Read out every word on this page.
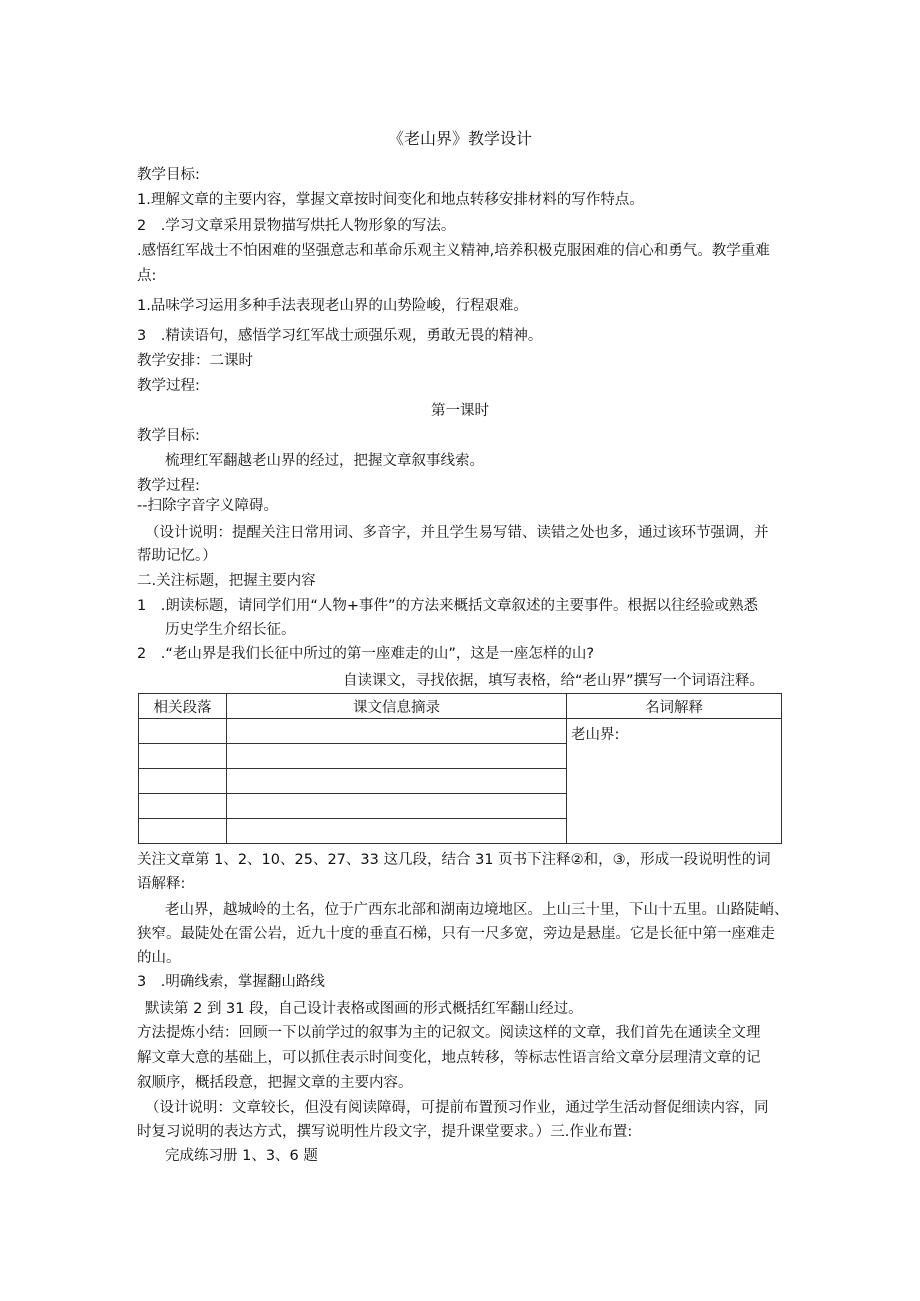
《老山界》教学设计
教学目标:
1.理解文章的主要内容，掌握文章按时间变化和地点转移安排材料的写作特点。
2　.学习文章采用景物描写烘托人物形象的写法。
.感悟红军战士不怕困难的坚强意志和革命乐观主义精神,培养积极克服困难的信心和勇气。教学重难
点:
1.品味学习运用多种手法表现老山界的山势险峻，行程艰难。
3　.精读语句，感悟学习红军战士顽强乐观，勇敢无畏的精神。
教学安排：二课时
教学过程:
第一课时
教学目标:
梳理红军翻越老山界的经过，把握文章叙事线索。
教学过程:
--扫除字音字义障碍。
（设计说明：提醒关注日常用词、多音字，并且学生易写错、读错之处也多，通过该环节强调，并
帮助记忆。）
二.关注标题，把握主要内容
1　.朗读标题，请同学们用“人物+事件”的方法来概括文章叙述的主要事件。根据以往经验或熟悉
历史学生介绍长征。
2　.“老山界是我们长征中所过的第一座难走的山”，这是一座怎样的山?
自读课文，寻找依据，填写表格，给“老山界”撰写一个词语注释。
相关段落	课文信息摘录	名词解释
		老山界:

关注文章第 1、2、10、25、27、33 这几段，结合 31 页书下注释②和，③，形成一段说明性的词
语解释:
老山界，越城岭的土名，位于广西东北部和湖南边境地区。上山三十里，下山十五里。山路陡峭、
狭窄。最陡处在雷公岩，近九十度的垂直石梯，只有一尺多宽，旁边是悬崖。它是长征中第一座难走
的山。
3　.明确线索，掌握翻山路线
默读第 2 到 31 段，自己设计表格或图画的形式概括红军翻山经过。
方法提炼小结：回顾一下以前学过的叙事为主的记叙文。阅读这样的文章，我们首先在通读全文理
解文章大意的基础上，可以抓住表示时间变化，地点转移，等标志性语言给文章分层理清文章的记
叙顺序，概括段意，把握文章的主要内容。
（设计说明：文章较长，但没有阅读障碍，可提前布置预习作业，通过学生活动督促细读内容，同
时复习说明的表达方式，撰写说明性片段文字，提升课堂要求。）三.作业布置:
完成练习册 1、3、6 题
